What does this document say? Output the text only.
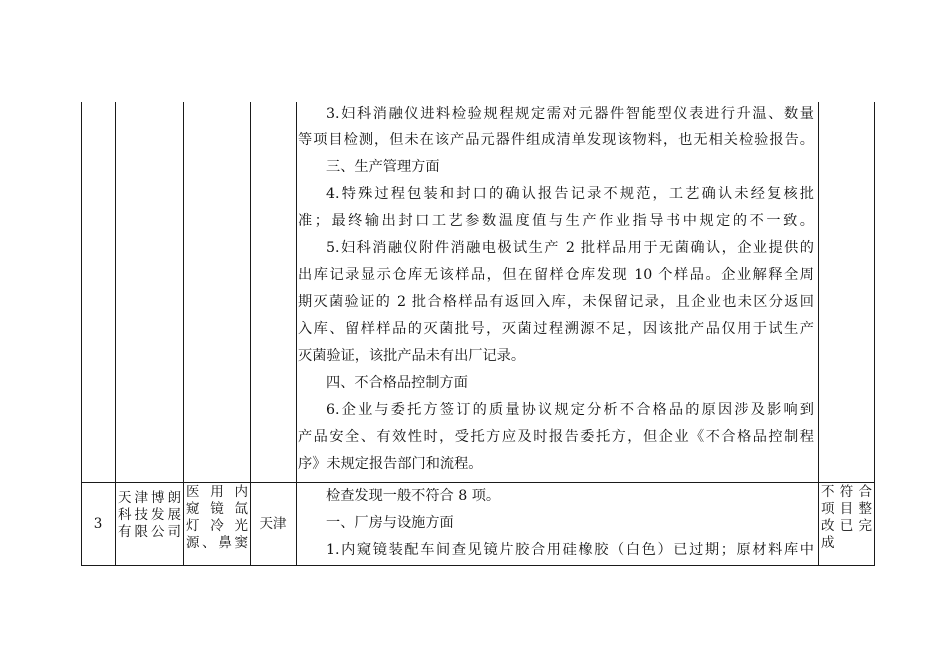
3.妇科消融仪进料检验规程规定需对元器件智能型仪表进行升温、数量
等项目检测，但未在该产品元器件组成清单发现该物料，也无相关检验报告。
三、生产管理方面
4.特殊过程包装和封口的确认报告记录不规范，工艺确认未经复核批
准；最终输出封口工艺参数温度值与生产作业指导书中规定的不一致。
5.妇科消融仪附件消融电极试生产 2 批样品用于无菌确认，企业提供的
出库记录显示仓库无该样品，但在留样仓库发现 10 个样品。企业解释全周
期灭菌验证的 2 批合格样品有返回入库，未保留记录，且企业也未区分返回
入库、留样样品的灭菌批号，灭菌过程溯源不足，因该批产品仅用于试生产
灭菌验证，该批产品未有出厂记录。
四、不合格品控制方面
6.企业与委托方签订的质量协议规定分析不合格品的原因涉及影响到
产品安全、有效性时，受托方应及时报告委托方，但企业《不合格品控制程
序》未规定报告部门和流程。
3
天津博朗
科技发展
有限公司
医 用 内
窥 镜 氙
灯 冷 光
源、鼻窦
天津
检查发现一般不符合 8 项。
一、厂房与设施方面
1.内窥镜装配车间查见镜片胶合用硅橡胶（白色）已过期；原材料库中
不符合
项目整
改已完
成
